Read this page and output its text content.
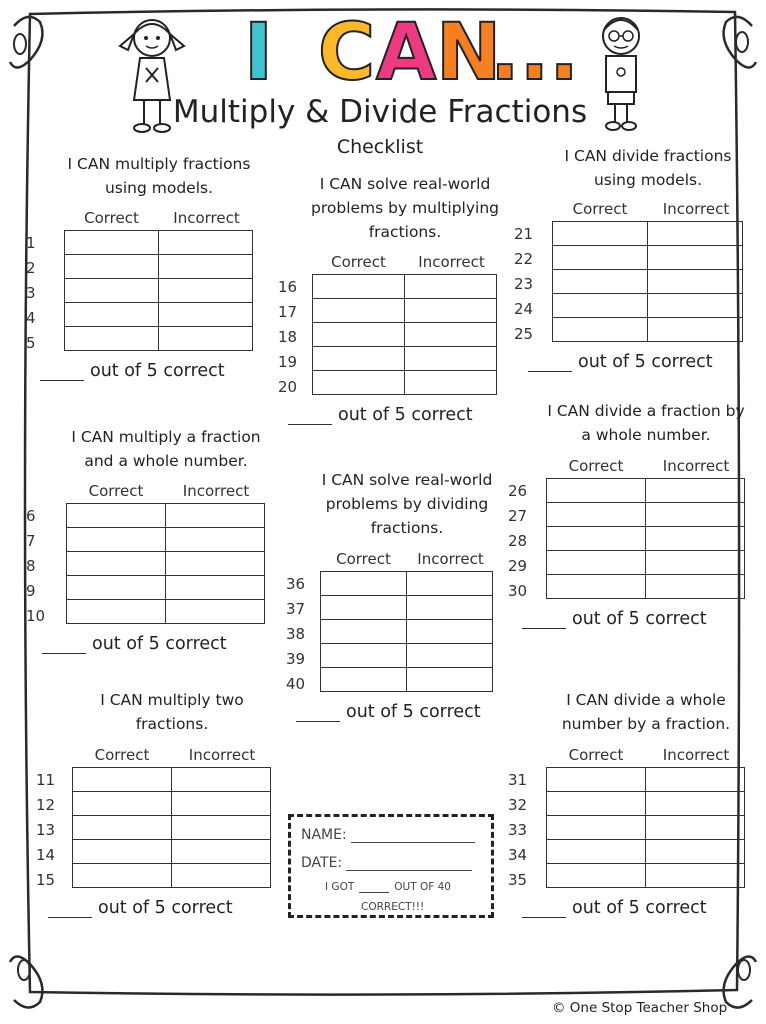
I C A N
...
Multiply & Divide Fractions
Checklist
I CAN multiply fractions
using models.
Correct	Incorrect
1
2
3
4
5

out of 5 correct
I CAN solve real-world
problems by multiplying
fractions.
Correct	Incorrect
16
17
18
19
20

out of 5 correct
I CAN divide fractions
using models.
Correct	Incorrect
21
22
23
24
25

out of 5 correct
I CAN multiply a fraction
and a whole number.
Correct	Incorrect
6
7
8
9
10

out of 5 correct
I CAN solve real-world
problems by dividing
fractions.
Correct	Incorrect
36
37
38
39
40

out of 5 correct
I CAN divide a fraction by
a whole number.
Correct	Incorrect
26
27
28
29
30

out of 5 correct
I CAN multiply two
fractions.
Correct	Incorrect
11
12
13
14
15

out of 5 correct
I CAN divide a whole
number by a fraction.
Correct	Incorrect
31
32
33
34
35

out of 5 correct
NAME:
DATE:
I GOT	OUT OF 40
CORRECT!!!
© One Stop Teacher Shop
